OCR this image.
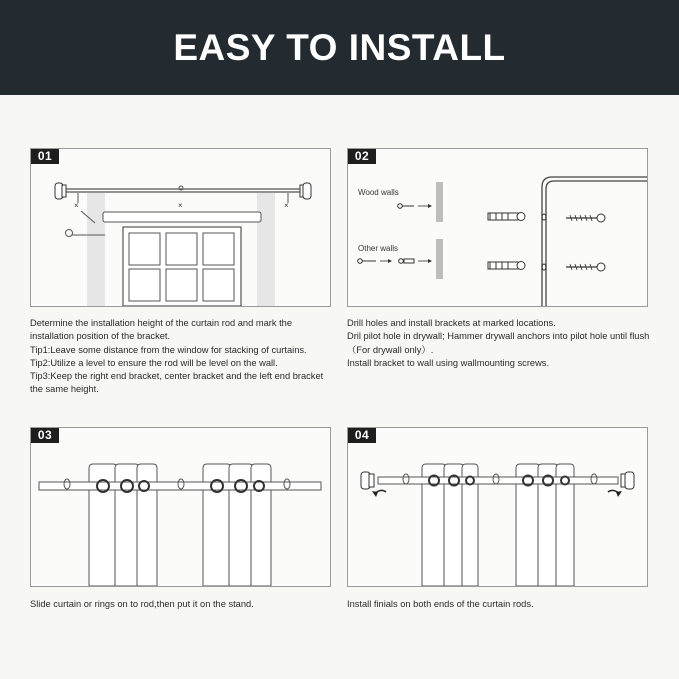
EASY TO INSTALL
01
×	×	×

Determine the installation height of the curtain rod and mark the installation position of the bracket.

Tip1:Leave some distance from the window for stacking of curtains.

Tip2:Utilize a level to ensure the rod will be level on the wall.

Tip3:Keep the right end bracket, center bracket and the left end bracket the same height.

02
Wood walls
Other walls

Drill holes and install brackets at marked locations.

Dril pilot hole in drywall; Hammer drywall anchors into pilot hole until flush（For drywall only）.

Install bracket to wall using wallmounting screws.

03

Slide curtain or rings on to rod,then put it on the stand.

04

Install finials on both ends of the curtain rods.
